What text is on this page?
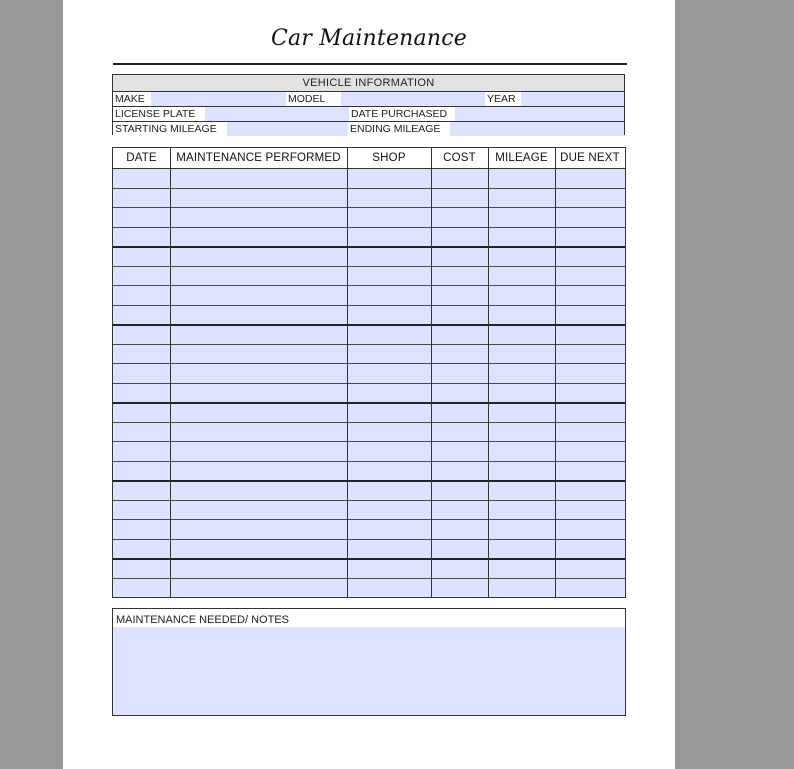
Car Maintenance
VEHICLE INFORMATION
MAKE	MODEL	YEAR
LICENSE PLATE	DATE PURCHASED
STARTING MILEAGE	ENDING MILEAGE
DATE	MAINTENANCE PERFORMED	SHOP	COST	MILEAGE	DUE NEXT
MAINTENANCE NEEDED/ NOTES
